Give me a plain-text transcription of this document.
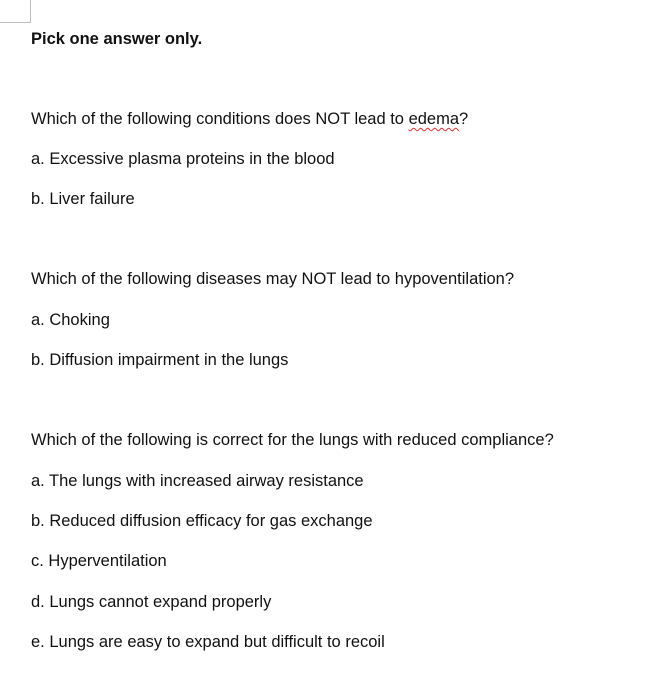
Pick one answer only.
Which of the following conditions does NOT lead to edema?
a. Excessive plasma proteins in the blood
b. Liver failure
Which of the following diseases may NOT lead to hypoventilation?
a. Choking
b. Diffusion impairment in the lungs
Which of the following is correct for the lungs with reduced compliance?
a. The lungs with increased airway resistance
b. Reduced diffusion efficacy for gas exchange
c. Hyperventilation
d. Lungs cannot expand properly
e. Lungs are easy to expand but difficult to recoil
